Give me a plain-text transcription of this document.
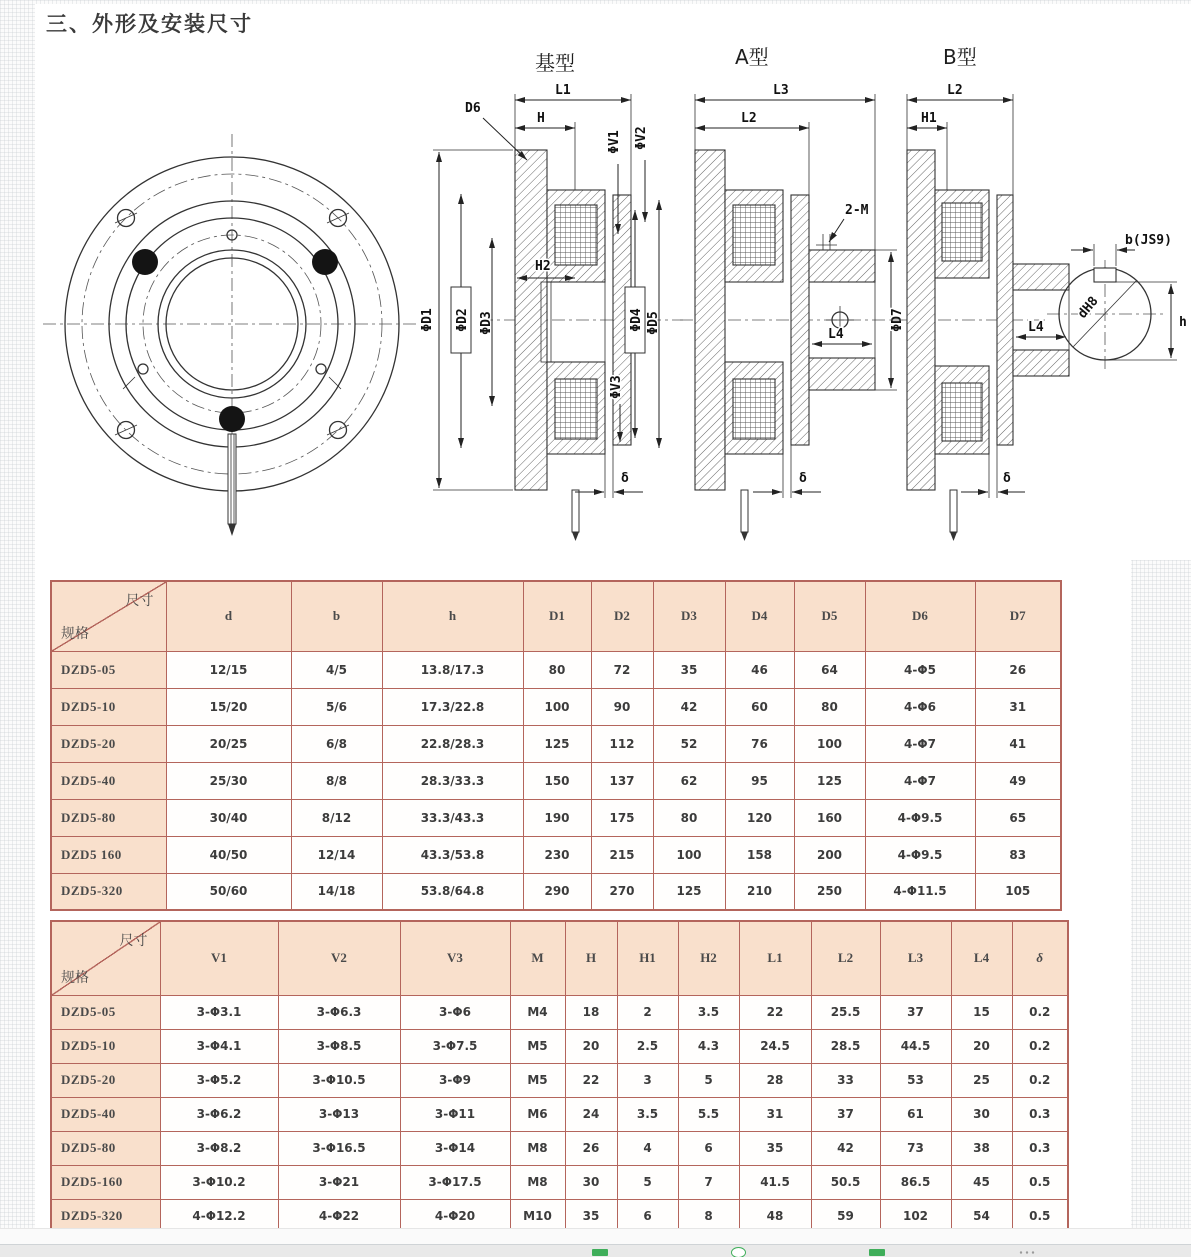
三、外形及安装尺寸
基型
L1
H
D6
ΦD1 ΦD2 ΦD3	ΦD4 ΦD5
ΦV1 ΦV2
ΦV3
H2
δ
A型
2-M
L3
L2
L4
ΦD7
δ
B型
L2
H1
L4
δ
dH8
b(JS9)
h
尺寸
规格	d	b	h	D1	D2	D3	D4	D5	D6	D7
DZD5-05	12/15	4/5	13.8/17.3	80	72	35	46	64	4-Φ5	26
DZD5-10	15/20	5/6	17.3/22.8	100	90	42	60	80	4-Φ6	31
DZD5-20	20/25	6/8	22.8/28.3	125	112	52	76	100	4-Φ7	41
DZD5-40	25/30	8/8	28.3/33.3	150	137	62	95	125	4-Φ7	49
DZD5-80	30/40	8/12	33.3/43.3	190	175	80	120	160	4-Φ9.5	65
DZD5 160	40/50	12/14	43.3/53.8	230	215	100	158	200	4-Φ9.5	83
DZD5-320	50/60	14/18	53.8/64.8	290	270	125	210	250	4-Φ11.5	105
尺寸
规格	V1	V2	V3	M	H	H1	H2	L1	L2	L3	L4	δ
DZD5-05	3-Φ3.1	3-Φ6.3	3-Φ6	M4	18	2	3.5	22	25.5	37	15	0.2
DZD5-10	3-Φ4.1	3-Φ8.5	3-Φ7.5	M5	20	2.5	4.3	24.5	28.5	44.5	20	0.2
DZD5-20	3-Φ5.2	3-Φ10.5	3-Φ9	M5	22	3	5	28	33	53	25	0.2
DZD5-40	3-Φ6.2	3-Φ13	3-Φ11	M6	24	3.5	5.5	31	37	61	30	0.3
DZD5-80	3-Φ8.2	3-Φ16.5	3-Φ14	M8	26	4	6	35	42	73	38	0.3
DZD5-160	3-Φ10.2	3-Φ21	3-Φ17.5	M8	30	5	7	41.5	50.5	86.5	45	0.5
DZD5-320	4-Φ12.2	4-Φ22	4-Φ20	M10	35	6	8	48	59	102	54	0.5
